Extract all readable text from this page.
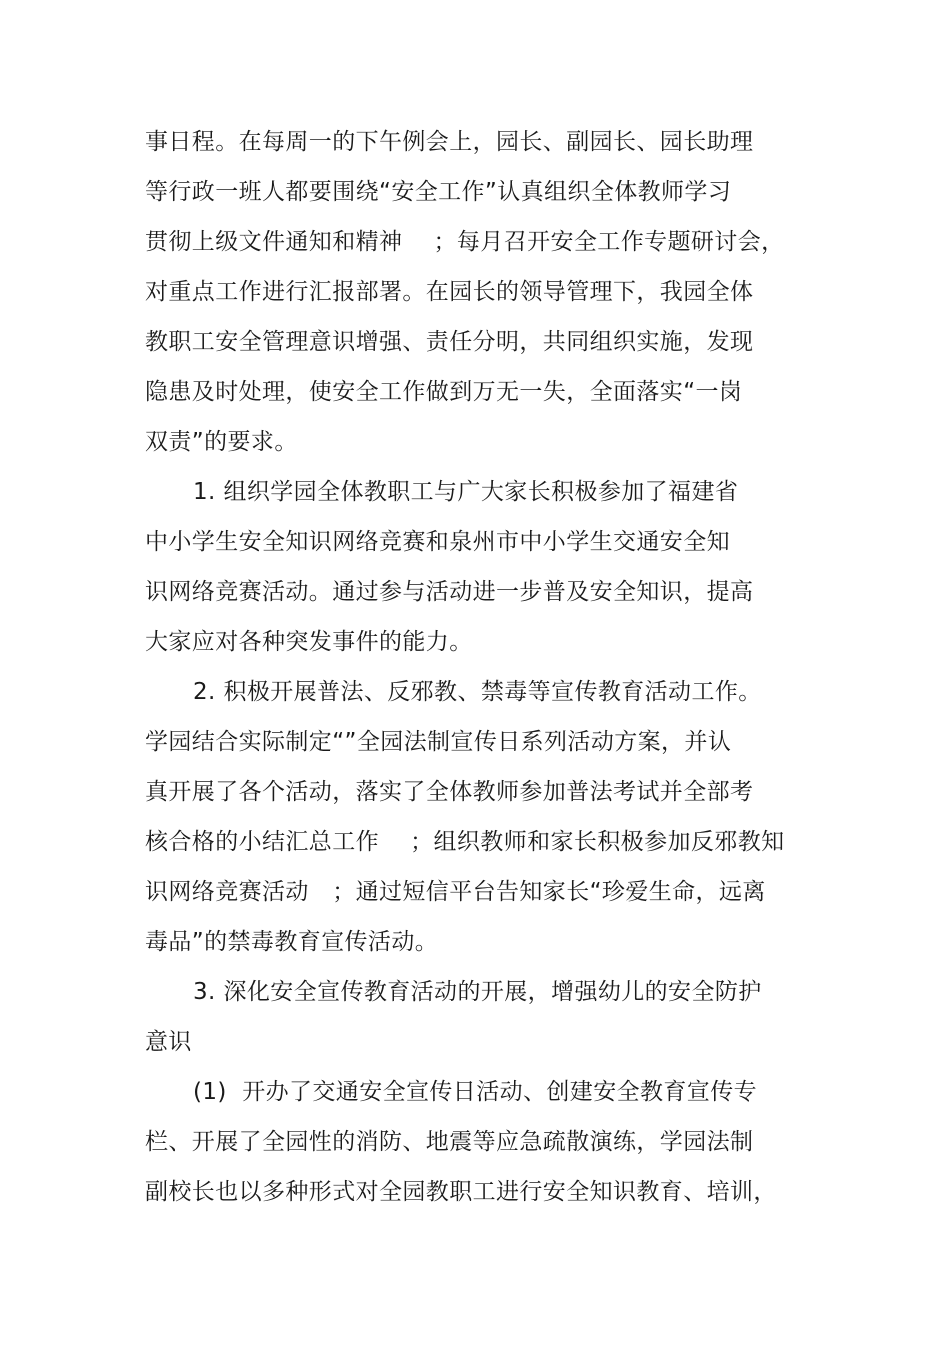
事日程。在每周一的下午例会上，园长、副园长、园长助理
等行政一班人都要围绕“安全工作”认真组织全体教师学习
贯彻上级文件通知和精神　 ；每月召开安全工作专题研讨会，
对重点工作进行汇报部署。在园长的领导管理下，我园全体
教职工安全管理意识增强、责任分明，共同组织实施，发现
隐患及时处理，使安全工作做到万无一失，全面落实“一岗
双责”的要求。
1. 组织学园全体教职工与广大家长积极参加了福建省
中小学生安全知识网络竞赛和泉州市中小学生交通安全知
识网络竞赛活动。通过参与活动进一步普及安全知识，提高
大家应对各种突发事件的能力。
2. 积极开展普法、反邪教、禁毒等宣传教育活动工作。
学园结合实际制定“”全园法制宣传日系列活动方案，并认
真开展了各个活动，落实了全体教师参加普法考试并全部考
核合格的小结汇总工作　 ；组织教师和家长积极参加反邪教知
识网络竞赛活动　；通过短信平台告知家长“珍爱生命，远离
毒品”的禁毒教育宣传活动。
3. 深化安全宣传教育活动的开展，增强幼儿的安全防护
意识
(1)  开办了交通安全宣传日活动、创建安全教育宣传专
栏、开展了全园性的消防、地震等应急疏散演练，学园法制
副校长也以多种形式对全园教职工进行安全知识教育、培训，
